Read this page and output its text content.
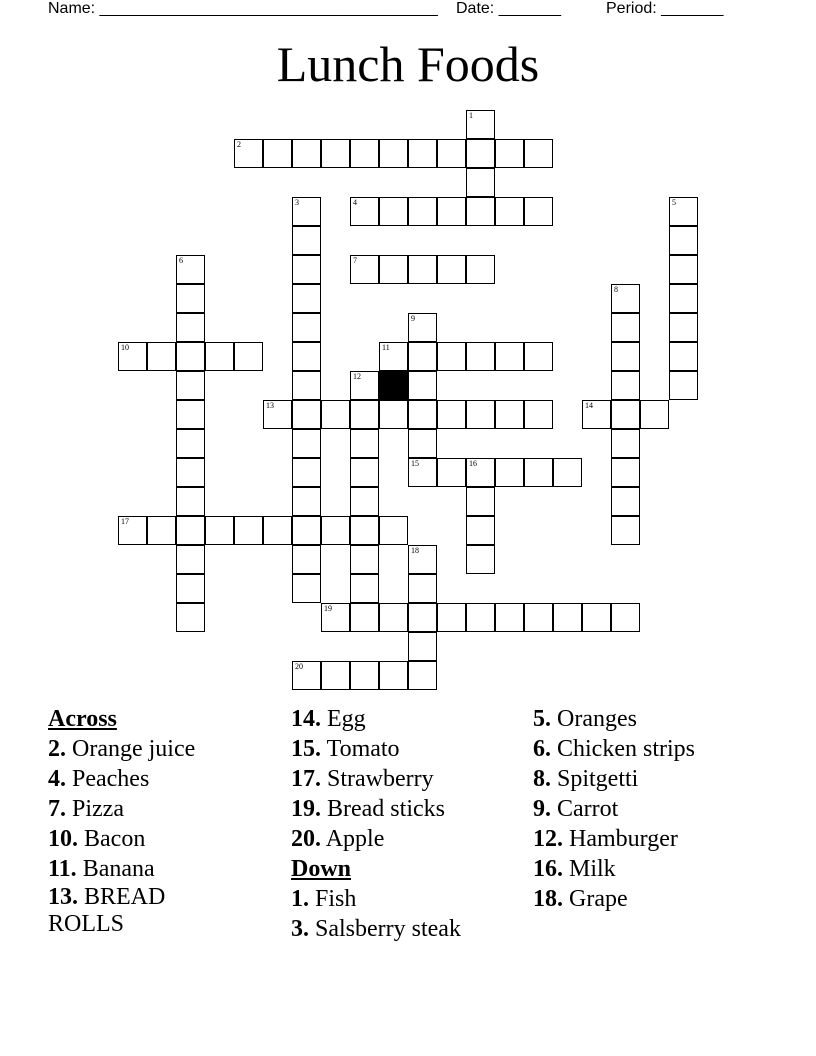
Name: ______________________________________ Date: _______	Period: _______
Lunch Foods
1
2
3	4	5
6	7
8
9
15
10	11
12
13	14
16
17
18
19
20
Across
2. Orange juice
4. Peaches
7. Pizza
10. Bacon
11. Banana
13. BREAD ROLLS
14. Egg
15. Tomato
17. Strawberry
19. Bread sticks
20. Apple
Down
1. Fish
3. Salsberry steak
5. Oranges
6. Chicken strips
8. Spitgetti
9. Carrot
12. Hamburger
16. Milk
18. Grape
